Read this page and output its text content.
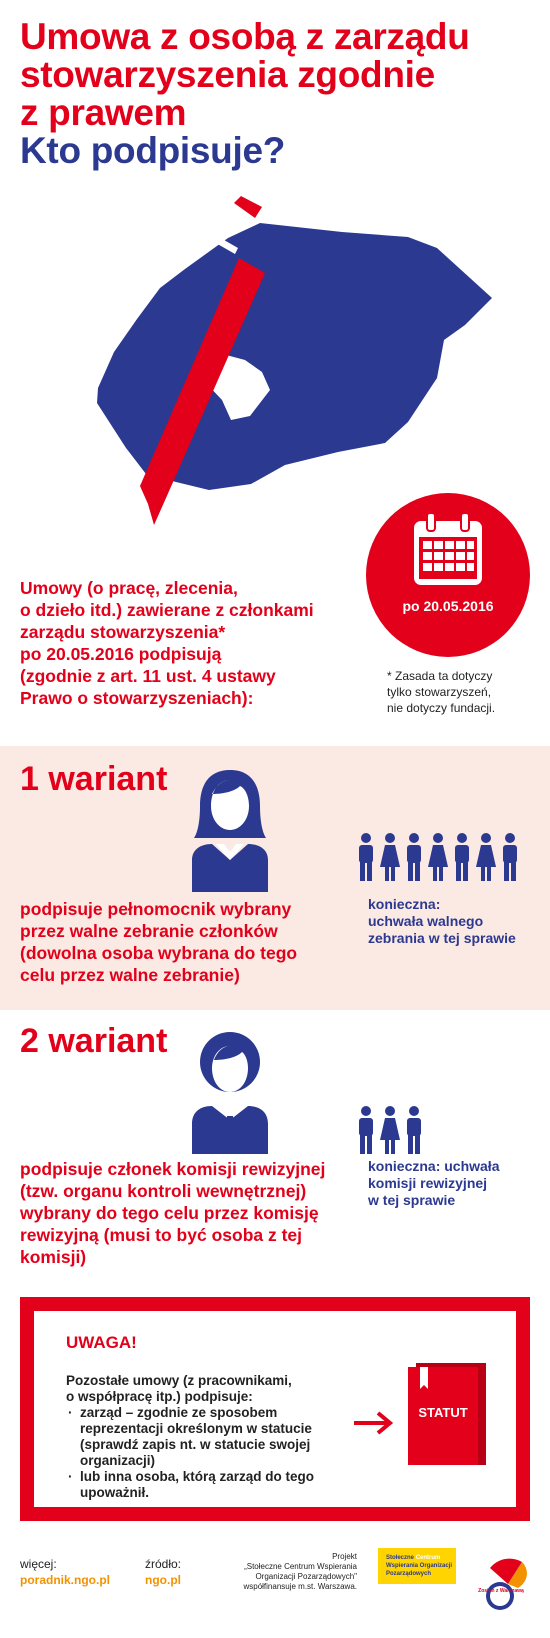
Umowa z osobą z zarządu
stowarzyszenia zgodnie
z prawem
Kto podpisuje?
Umowy (o pracę, zlecenia,
o dzieło itd.) zawierane z członkami
zarządu stowarzyszenia*
po 20.05.2016 podpisują
(zgodnie z art. 11 ust. 4 ustawy
Prawo o stowarzyszeniach):
po 20.05.2016
* Zasada ta dotyczy
tylko stowarzyszeń,
nie dotyczy fundacji.
1 wariant
podpisuje pełnomocnik wybrany
przez walne zebranie członków
(dowolna osoba wybrana do tego
celu przez walne zebranie)
konieczna:
uchwała walnego
zebrania w tej sprawie
2 wariant
podpisuje członek komisji rewizyjnej
(tzw. organu kontroli wewnętrznej)
wybrany do tego celu przez komisję
rewizyjną (musi to być osoba z tej
komisji)
konieczna: uchwała
komisji rewizyjnej
w tej sprawie
UWAGA!
Pozostałe umowy (z pracownikami,
o współpracę itp.) podpisuje:
· zarząd – zgodnie ze sposobem
reprezentacji określonym w statucie
(sprawdź zapis nt. w statucie swojej
organizacji)
· lub inna osoba, którą zarząd do tego
upoważnił.
STATUT
więcej:
poradnik.ngo.pl
źródło:
ngo.pl
Projekt
„Stołeczne Centrum Wspierania
Organizacji Pozarządowych"
współfinansuje m.st. Warszawa.
Stołeczne Centrum
Wspierania Organizacji
Pozarządowych
Zostań z Warszawą
